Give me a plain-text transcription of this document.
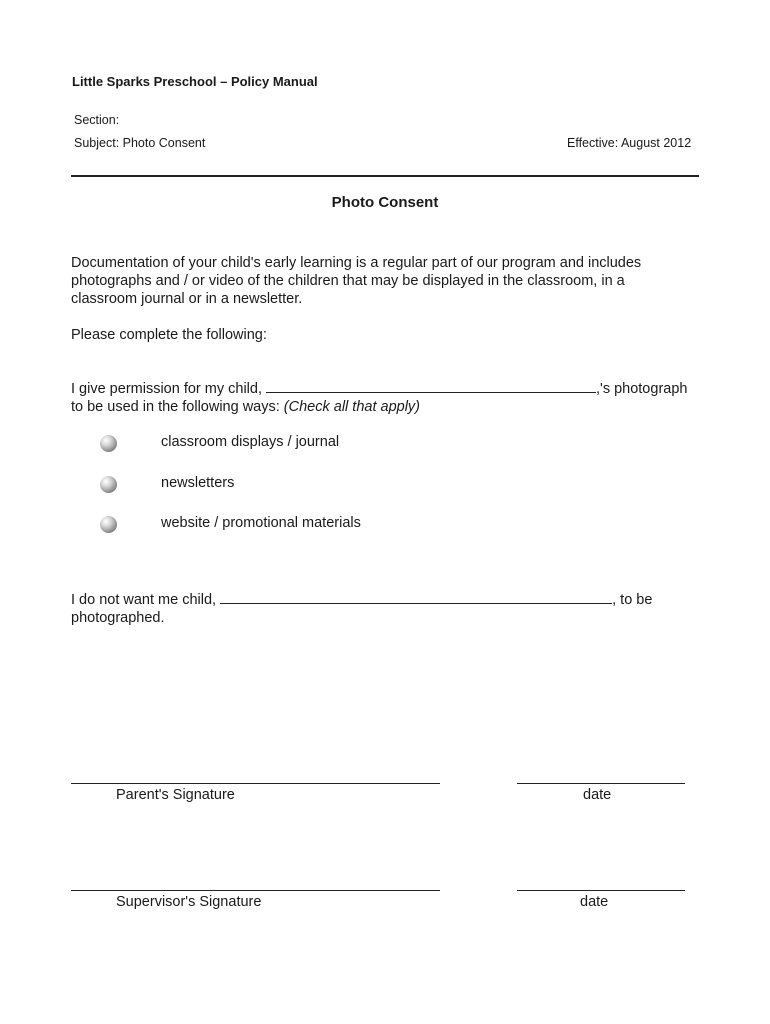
Little Sparks Preschool – Policy Manual
Section:
Subject: Photo Consent	Effective: August 2012
Photo Consent
Documentation of your child's early learning is a regular part of our program and includes photographs and / or video of the children that may be displayed in the classroom, in a classroom journal or in a newsletter.
Please complete the following:
I give permission for my child,	,'s photograph
to be used in the following ways: (Check all that apply)
classroom displays / journal
newsletters
website / promotional materials
I do not want me child,	, to be
photographed.
Parent's Signature	date
Supervisor's Signature	date
